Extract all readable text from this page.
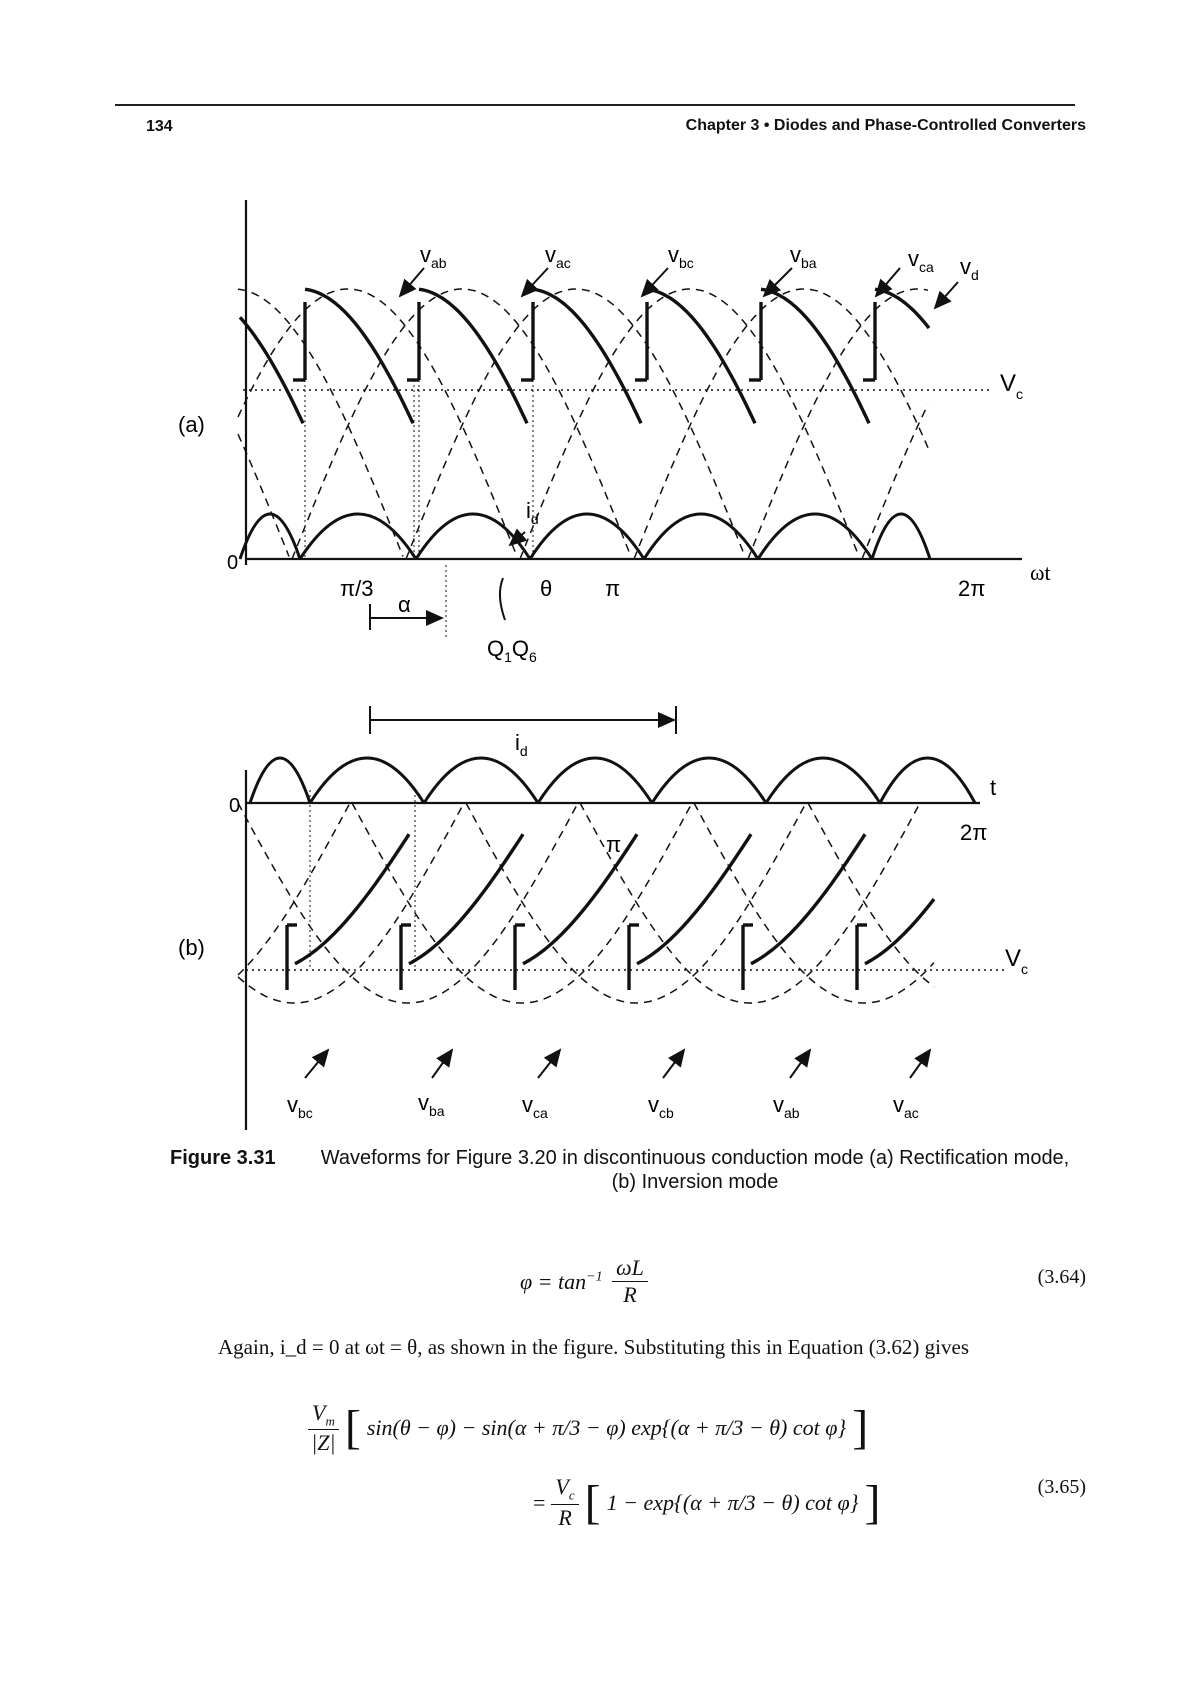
134	Chapter 3 • Diodes and Phase-Controlled Converters
(a)
0
$V_c$
ωt
π/3	θ π	2π
α
$Q_1Q_6$
$i_d$
$v_d$
$v_{ab}$	$v_{ac}$	$v_{bc}$	$v_{ba}$	$v_{ca}$
(b)
0
t
π	2π
$V_c$
$i_d$
$v_{bc}$	$v_{ba}$	$v_{ca}$	$v_{cb}$	$v_{ab}$	$v_{ac}$
Figure 3.31 Waveforms for Figure 3.20 in discontinuous conduction mode (a) Rectification mode, (b) Inversion mode
$\varphi = \tan^{-1} \frac{\omega L}{R}$	(3.64)
Again, i_d = 0 at ωt = θ, as shown in the figure. Substituting this in Equation (3.62) gives
$V_m$
|Z| [ sin(θ − φ) − sin(α + π/3 − φ) exp{(α + π/3 − θ) cot φ} ]
= $\frac{V_c}{R}$ [ 1 − exp{(α + π/3 − θ) cot φ} ]	(3.65)
